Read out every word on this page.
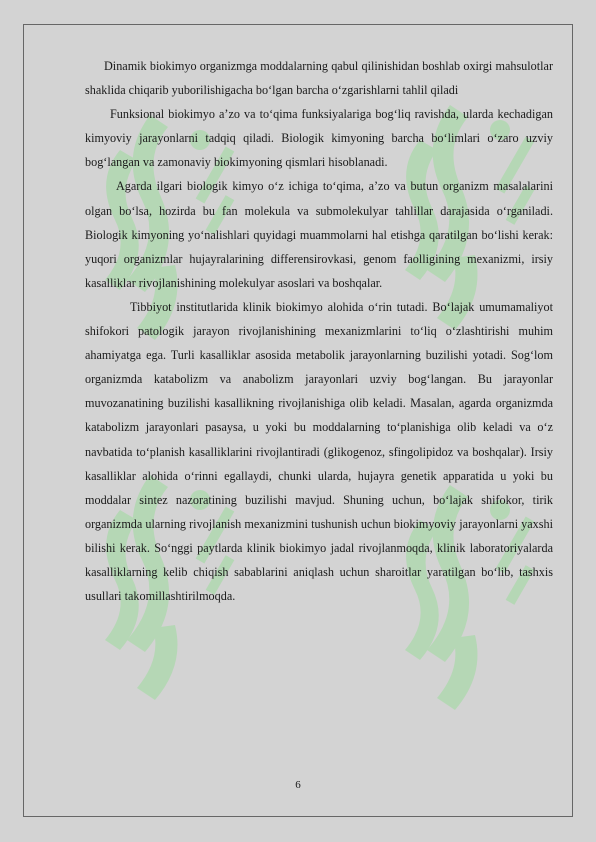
Dinamik biokimyo organizmga moddalarning qabul qilinishidan boshlab oxirgi mahsulotlar shaklida chiqarib yuborilishigacha bo‘lgan barcha o‘zgarishlarni tahlil qiladi

Funksional biokimyo a’zo va to‘qima funksiyalariga bog‘liq ravishda, ularda kechadigan kimyoviy jarayonlarni tadqiq qiladi. Biologik kimyoning barcha bo‘limlari o‘zaro uzviy bog‘langan va zamonaviy biokimyoning qismlari hisoblanadi.

Agarda ilgari biologik kimyo o‘z ichiga to‘qima, a’zo va butun organizm masalalarini olgan bo‘lsa, hozirda bu fan molekula va submolekulyar tahlillar darajasida o‘rganiladi. Biologik kimyoning yo‘nalishlari quyidagi muammolarni hal etishga qaratilgan bo‘lishi kerak: yuqori organizmlar hujayralarining differensirovkasi, genom faolligining mexanizmi, irsiy kasalliklar rivojlanishining molekulyar asoslari va boshqalar.

Tibbiyot institutlarida klinik biokimyo alohida o‘rin tutadi. Bo‘lajak umumamaliyot shifokori patologik jarayon rivojlanishining mexanizmlarini to‘liq o‘zlashtirishi muhim ahamiyatga ega. Turli kasalliklar asosida metabolik jarayonlarning buzilishi yotadi. Sog‘lom organizmda katabolizm va anabolizm jarayonlari uzviy bog‘langan. Bu jarayonlar muvozanatining buzilishi kasallikning rivojlanishiga olib keladi. Masalan, agarda organizmda katabolizm jarayonlari pasaysa, u yoki bu moddalarning to‘planishiga olib keladi va o‘z navbatida to‘planish kasalliklarini rivojlantiradi (glikogenoz, sfingolipidoz va boshqalar). Irsiy kasalliklar alohida o‘rinni egallaydi, chunki ularda, hujayra genetik apparatida u yoki bu moddalar sintez nazoratining buzilishi mavjud. Shuning uchun, bo‘lajak shifokor, tirik organizmda ularning rivojlanish mexanizmini tushunish uchun biokimyoviy jarayonlarni yaxshi bilishi kerak. So‘nggi paytlarda klinik biokimyo jadal rivojlanmoqda, klinik laboratoriyalarda kasalliklarning kelib chiqish sabablarini aniqlash uchun sharoitlar yaratilgan bo‘lib, tashxis usullari takomillashtirilmoqda.

6
